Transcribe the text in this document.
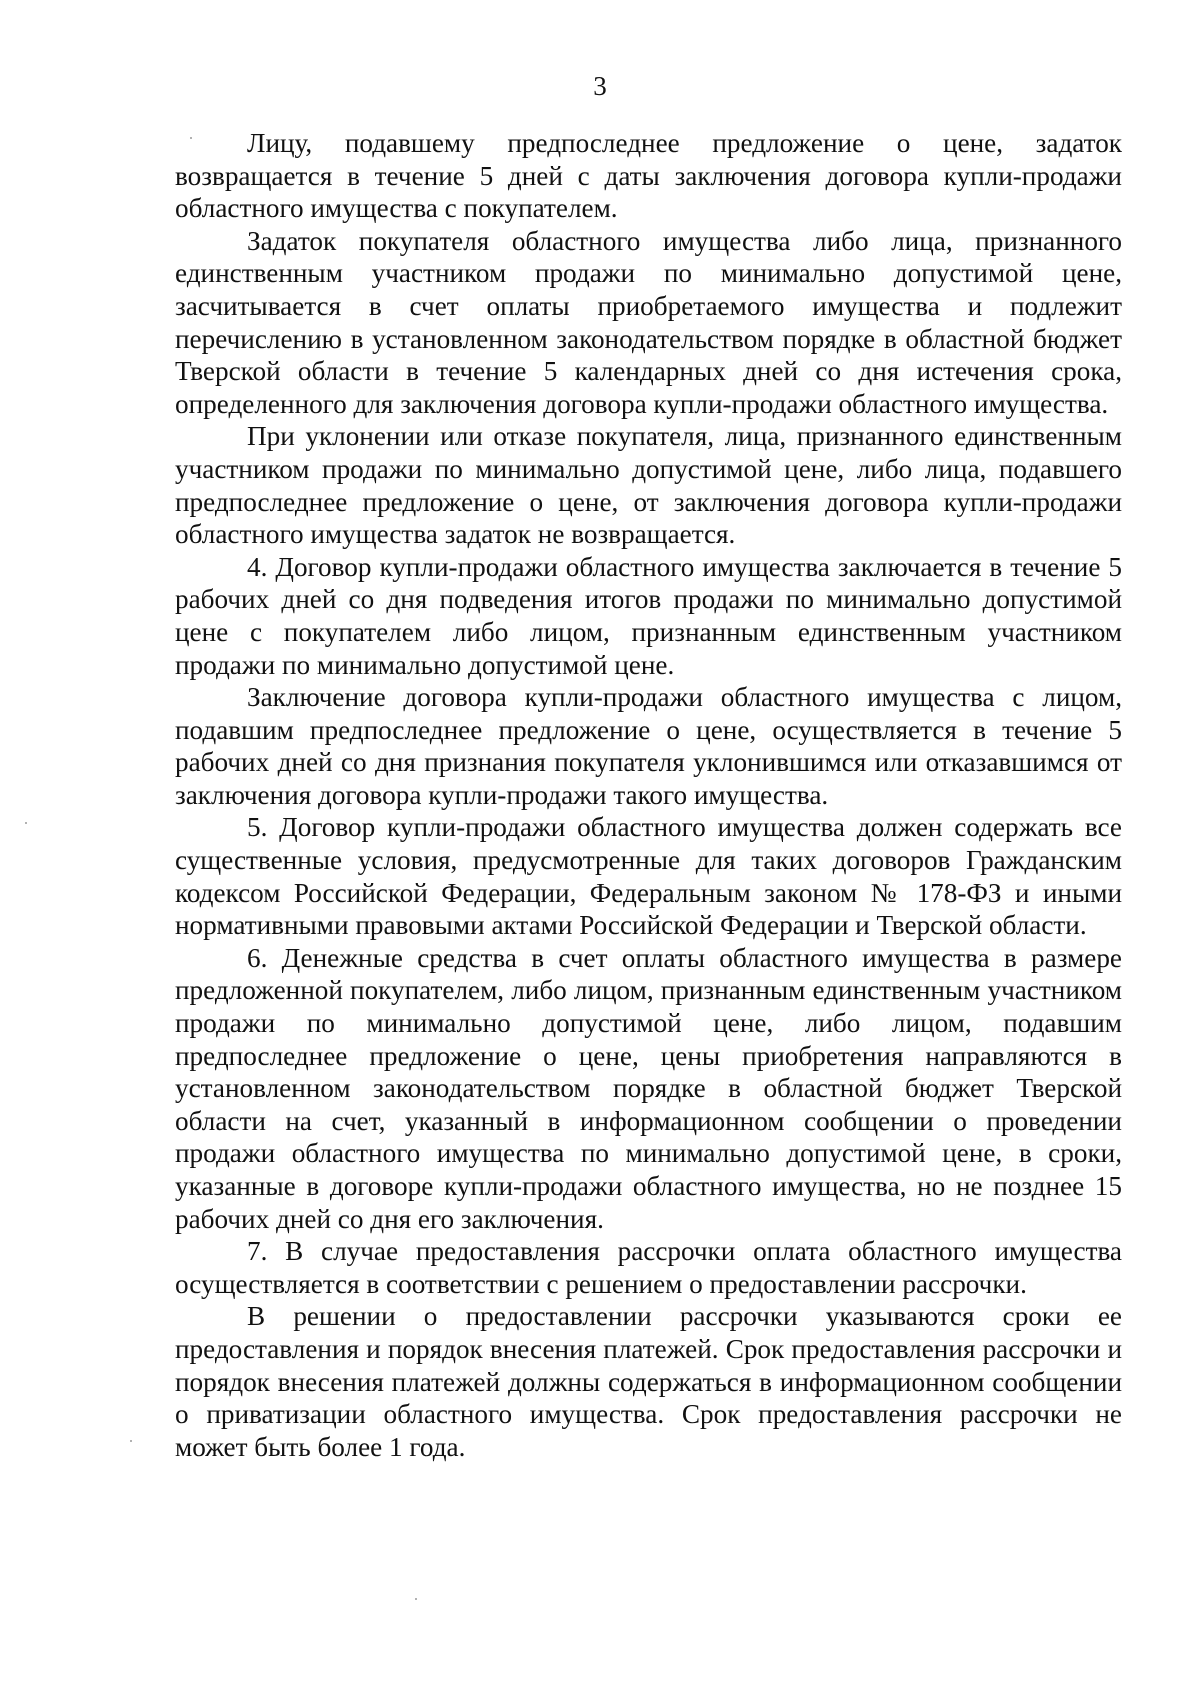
3

Лицу, подавшему предпоследнее предложение о цене, задаток возвращается в течение 5 дней с даты заключения договора купли-продажи областного имущества с покупателем.

Задаток покупателя областного имущества либо лица, признанного единственным участником продажи по минимально допустимой цене, засчитывается в счет оплаты приобретаемого имущества и подлежит перечислению в установленном законодательством порядке в областной бюджет Тверской области в течение 5 календарных дней со дня истечения срока, определенного для заключения договора купли-продажи областного имущества.

При уклонении или отказе покупателя, лица, признанного единственным участником продажи по минимально допустимой цене, либо лица, подавшего предпоследнее предложение о цене, от заключения договора купли-продажи областного имущества задаток не возвращается.

4. Договор купли-продажи областного имущества заключается в течение 5 рабочих дней со дня подведения итогов продажи по минимально допустимой цене с покупателем либо лицом, признанным единственным участником продажи по минимально допустимой цене.

Заключение договора купли-продажи областного имущества с лицом, подавшим предпоследнее предложение о цене, осуществляется в течение 5 рабочих дней со дня признания покупателя уклонившимся или отказавшимся от заключения договора купли-продажи такого имущества.

5. Договор купли-продажи областного имущества должен содержать все существенные условия, предусмотренные для таких договоров Гражданским кодексом Российской Федерации, Федеральным законом № 178-ФЗ и иными нормативными правовыми актами Российской Федерации и Тверской области.

6. Денежные средства в счет оплаты областного имущества в размере предложенной покупателем, либо лицом, признанным единственным участником продажи по минимально допустимой цене, либо лицом, подавшим предпоследнее предложение о цене, цены приобретения направляются в установленном законодательством порядке в областной бюджет Тверской области на счет, указанный в информационном сообщении о проведении продажи областного имущества по минимально допустимой цене, в сроки, указанные в договоре купли-продажи областного имущества, но не позднее 15 рабочих дней со дня его заключения.

7. В случае предоставления рассрочки оплата областного имущества осуществляется в соответствии с решением о предоставлении рассрочки.

В решении о предоставлении рассрочки указываются сроки ее предоставления и порядок внесения платежей. Срок предоставления рассрочки и порядок внесения платежей должны содержаться в информационном сообщении о приватизации областного имущества. Срок предоставления рассрочки не может быть более 1 года.
